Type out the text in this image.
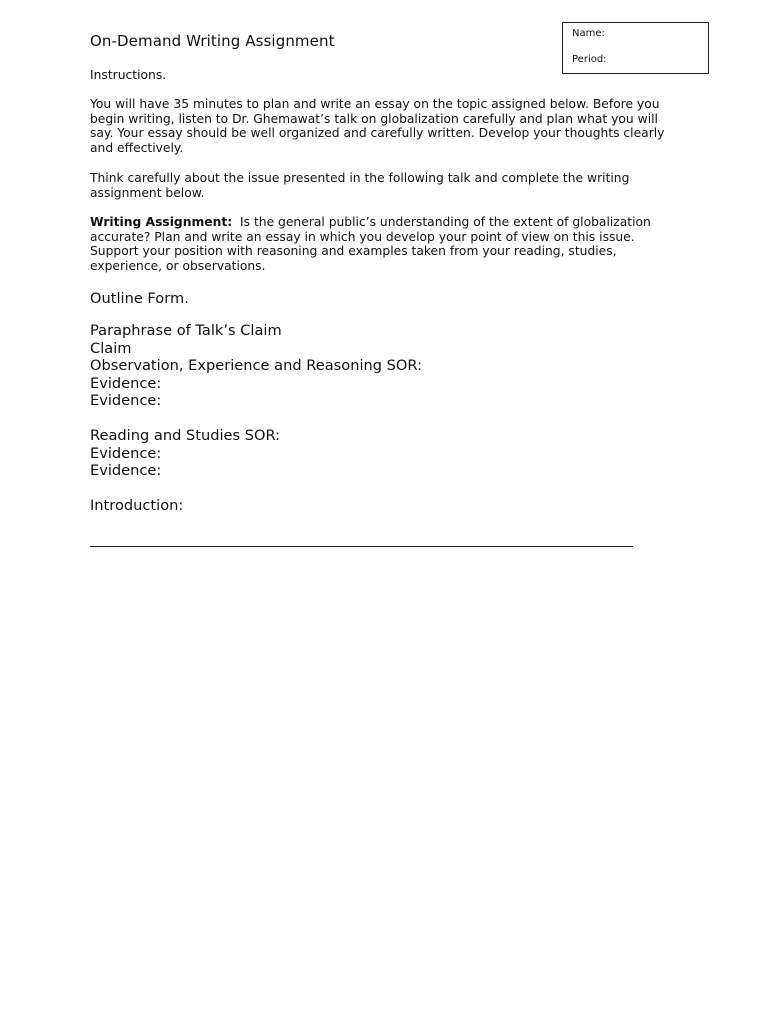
Name:
Period:
On-Demand Writing Assignment
Instructions.

You will have 35 minutes to plan and write an essay on the topic assigned below. Before you

begin writing, listen to Dr. Ghemawat’s talk on globalization carefully and plan what you will

say. Your essay should be well organized and carefully written. Develop your thoughts clearly

and effectively.

Think carefully about the issue presented in the following talk and complete the writing

assignment below.

Writing Assignment:  Is the general public’s understanding of the extent of globalization

accurate? Plan and write an essay in which you develop your point of view on this issue.

Support your position with reasoning and examples taken from your reading, studies,

experience, or observations.

Outline Form.
Paraphrase of Talk’s Claim
Claim
Observation, Experience and Reasoning SOR:
Evidence:
Evidence:
Reading and Studies SOR:
Evidence:
Evidence:
Introduction:
